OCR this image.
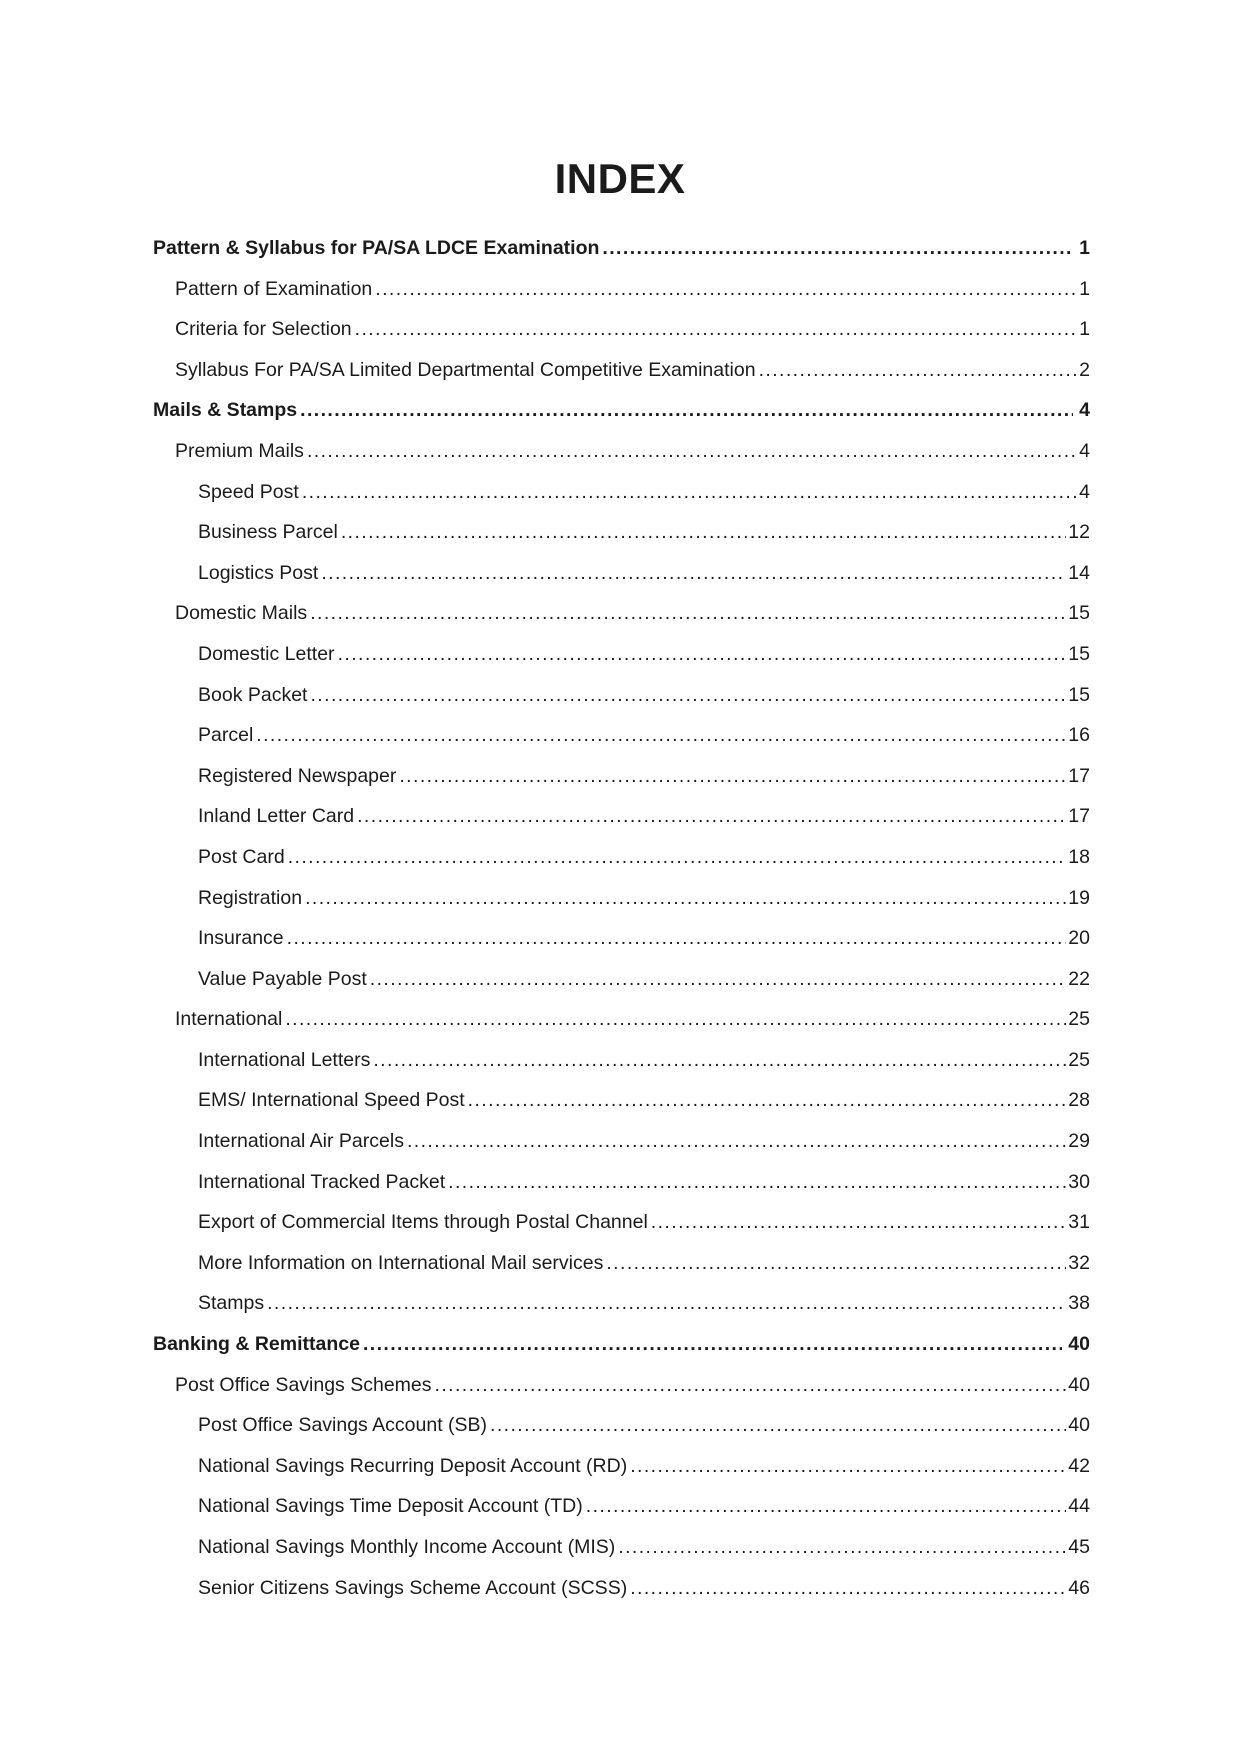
INDEX
Pattern & Syllabus for PA/SA LDCE Examination .....	1
Pattern of Examination .....	1
Criteria for Selection .....	1
Syllabus For PA/SA Limited Departmental Competitive Examination .....	2
Mails & Stamps .....	4
Premium Mails .....	4
Speed Post .....	4
Business Parcel .....	12
Logistics Post .....	14
Domestic Mails .....	15
Domestic Letter .....	15
Book Packet .....	15
Parcel .....	16
Registered Newspaper .....	17
Inland Letter Card .....	17
Post Card .....	18
Registration .....	19
Insurance .....	20
Value Payable Post .....	22
International .....	25
International Letters .....	25
EMS/ International Speed Post .....	28
International Air Parcels .....	29
International Tracked Packet .....	30
Export of Commercial Items through Postal Channel .....	31
More Information on International Mail services .....	32
Stamps .....	38
Banking & Remittance .....	40
Post Office Savings Schemes .....	40
Post Office Savings Account (SB) .....	40
National Savings Recurring Deposit Account (RD) .....	42
National Savings Time Deposit Account (TD) .....	44
National Savings Monthly Income Account (MIS) .....	45
Senior Citizens Savings Scheme Account (SCSS) .....	46
